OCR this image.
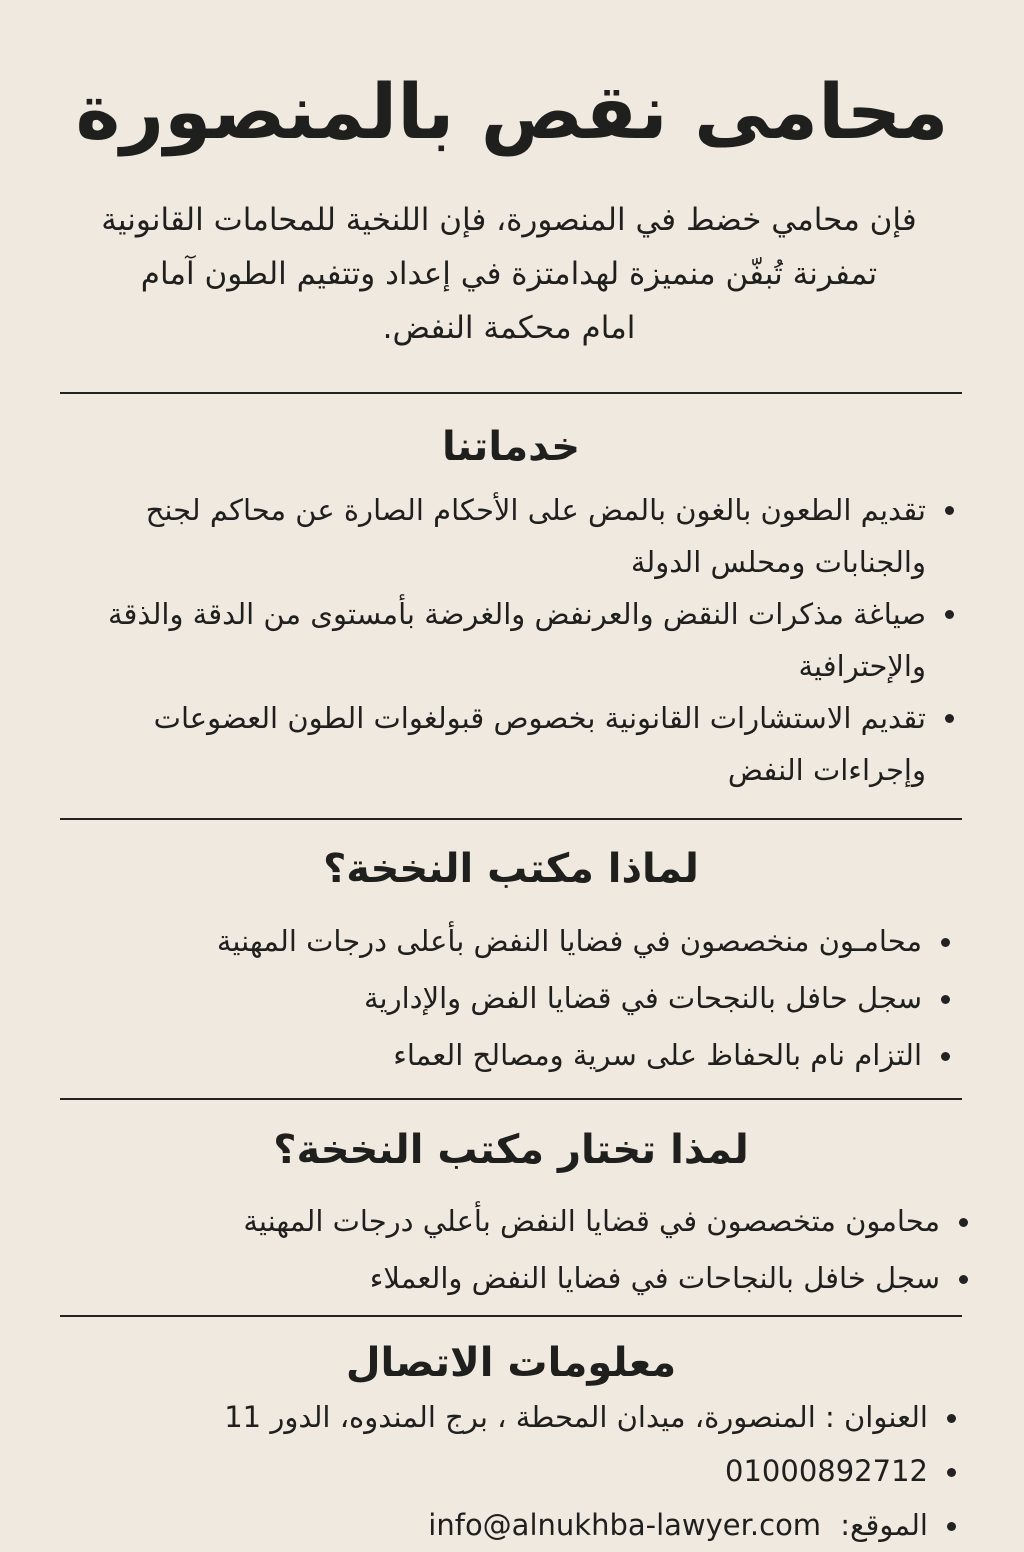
محامى نقص بالمنصورة

فإن محامي خضط في المنصورة، فإن اللنخية للمحامات القانونية
تمفرنة تُبفّن منميزة لهدامتزة في إعداد وتتفيم الطون آمام
امام محكمة النفض.

خدماتنا
تقديم الطعون بالغون بالمض على الأحكام الصارة عن محاكم لجنح والجنابات ومحلس الدولة
صياغة مذكرات النقض والعرنفض والغرضة بأمستوى من الدقة والذقة والإحترافية
تقديم الاستشارات القانونية بخصوص قبولغوات الطون العضوعات وإجراءات النفض
لماذا مكتب النخخة؟
محامـون منخصصون في فضايا النفض بأعلى درجات المهنية
سجل حافل بالنجحات في قضايا الفض والإدارية
التزام نام بالحفاظ على سرية ومصالح العماء
لمذا تختار مكتب النخخة؟
محامون متخصصون في قضايا النفض بأعلي درجات المهنية
سجل خافل بالنجاحات في فضايا النفض والعملاء
معلومات الاتصال
العنوان : المنصورة، ميدان المحطة ، برج المندوه، الدور 11
01000892712
الموقع: info@alnukhba-lawyer.com
